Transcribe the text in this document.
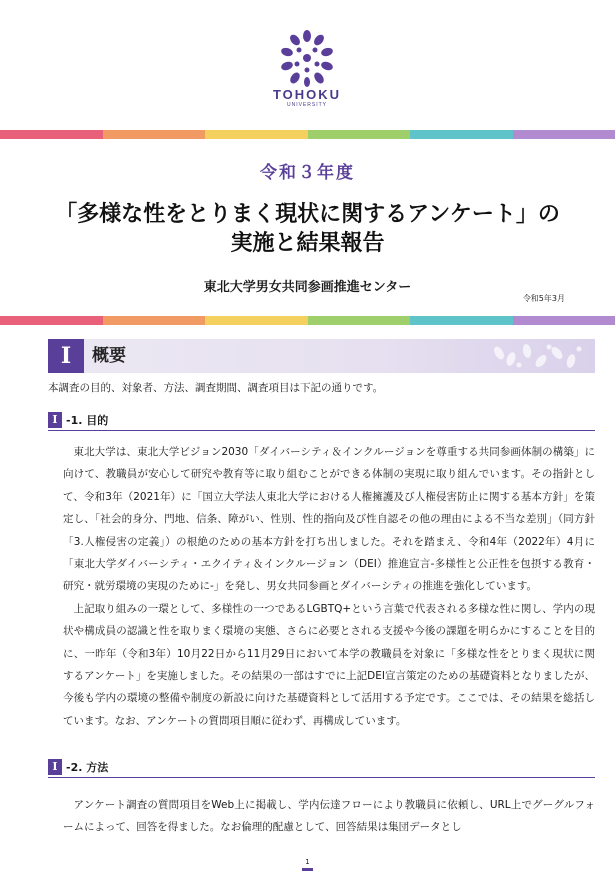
TOHOKU
UNIVERSITY
令和３年度
「多様な性をとりまく現状に関するアンケート」の
実施と結果報告
東北大学男女共同参画推進センター
令和5年3月
I	概要
本調査の目的、対象者、方法、調査期間、調査項目は下記の通りです。
I -1. 目的

東北大学は、東北大学ビジョン2030「ダイバーシティ＆インクルージョンを尊重する共同参画体制の構築」に向けて、教職員が安心して研究や教育等に取り組むことができる体制の実現に取り組んでいます。その指針として、令和3年（2021年）に「国立大学法人東北大学における人権擁護及び人権侵害防止に関する基本方針」を策定し、「社会的身分、門地、信条、障がい、性別、性的指向及び性自認その他の理由による不当な差別」（同方針「3.人権侵害の定義」）の根絶のための基本方針を打ち出しました。それを踏まえ、令和4年（2022年）4月に「東北大学ダイバーシティ・エクイティ＆インクルージョン（DEI）推進宣言-多様性と公正性を包摂する教育・研究・就労環境の実現のために-」を発し、男女共同参画とダイバーシティの推進を強化しています。

上記取り組みの一環として、多様性の一つであるLGBTQ+という言葉で代表される多様な性に関し、学内の現状や構成員の認識と性を取りまく環境の実態、さらに必要とされる支援や今後の課題を明らかにすることを目的に、一昨年（令和3年）10月22日から11月29日において本学の教職員を対象に「多様な性をとりまく現状に関するアンケート」を実施しました。その結果の一部はすでに上記DEI宣言策定のための基礎資料となりましたが、今後も学内の環境の整備や制度の新設に向けた基礎資料として活用する予定です。ここでは、その結果を総括しています。なお、アンケートの質問項目順に従わず、再構成しています。

I -2. 方法

アンケート調査の質問項目をWeb上に掲載し、学内伝達フローにより教職員に依頼し、URL上でグーグルフォームによって、回答を得ました。なお倫理的配慮として、回答結果は集団データとし

1
